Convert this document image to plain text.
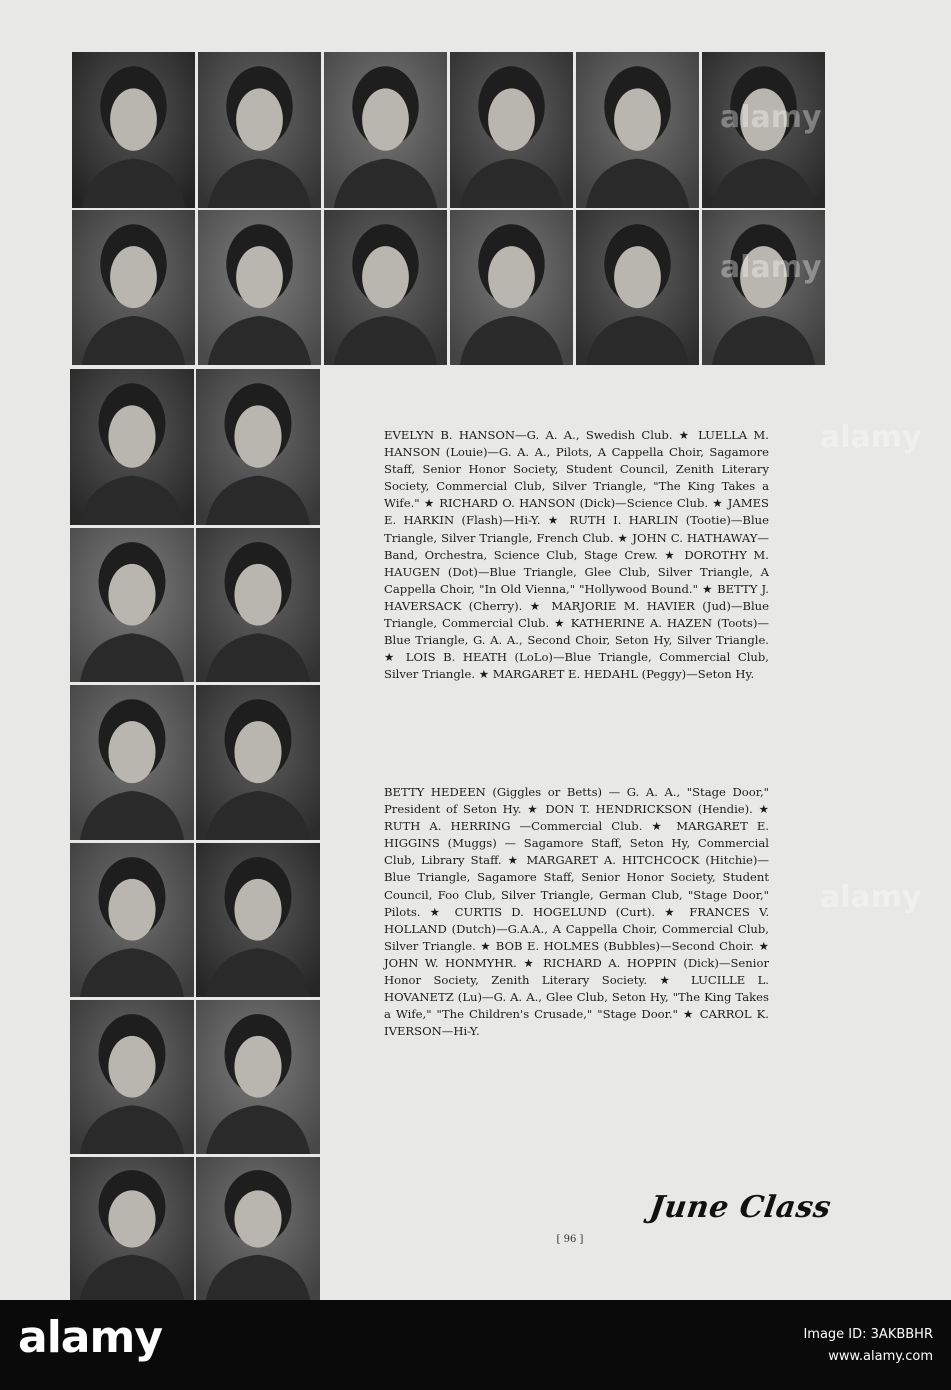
EVELYN B. HANSON—G. A. A., Swedish Club. ★ LUELLA M. HANSON (Louie)—G. A. A., Pilots, A Cappella Choir, Sagamore Staff, Senior Honor Society, Student Council, Zenith Literary Society, Commercial Club, Silver Triangle, "The King Takes a Wife." ★ RICHARD O. HANSON (Dick)—Science Club. ★ JAMES E. HARKIN (Flash)—Hi-Y. ★ RUTH I. HARLIN (Tootie)—Blue Triangle, Silver Triangle, French Club. ★ JOHN C. HATHAWAY—Band, Orchestra, Science Club, Stage Crew. ★ DOROTHY M. HAUGEN (Dot)—Blue Triangle, Glee Club, Silver Triangle, A Cappella Choir, "In Old Vienna," "Hollywood Bound." ★ BETTY J. HAVERSACK (Cherry). ★ MARJORIE M. HAVIER (Jud)—Blue Triangle, Commercial Club. ★ KATHERINE A. HAZEN (Toots)—Blue Triangle, G. A. A., Second Choir, Seton Hy, Silver Triangle. ★ LOIS B. HEATH (LoLo)—Blue Triangle, Commercial Club, Silver Triangle. ★ MARGARET E. HEDAHL (Peggy)—Seton Hy.
BETTY HEDEEN (Giggles or Betts) — G. A. A., "Stage Door," President of Seton Hy. ★ DON T. HENDRICKSON (Hendie). ★ RUTH A. HERRING —Commercial Club. ★ MARGARET E. HIGGINS (Muggs) — Sagamore Staff, Seton Hy, Commercial Club, Library Staff. ★ MARGARET A. HITCHCOCK (Hitchie)—Blue Triangle, Sagamore Staff, Senior Honor Society, Student Council, Foo Club, Silver Triangle, German Club, "Stage Door," Pilots. ★ CURTIS D. HOGELUND (Curt). ★ FRANCES V. HOLLAND (Dutch)—G.A.A., A Cappella Choir, Commercial Club, Silver Triangle. ★ BOB E. HOLMES (Bubbles)—Second Choir. ★ JOHN W. HONMYHR. ★ RICHARD A. HOPPIN (Dick)—Senior Honor Society, Zenith Literary Society. ★ LUCILLE L. HOVANETZ (Lu)—G. A. A., Glee Club, Seton Hy, "The King Takes a Wife," "The Children's Crusade," "Stage Door." ★ CARROL K. IVERSON—Hi-Y.
June Class
[ 96 ]
alamy
alamy
alamy
alamy
alamy	Image ID: 3AKBBHR
www.alamy.com
